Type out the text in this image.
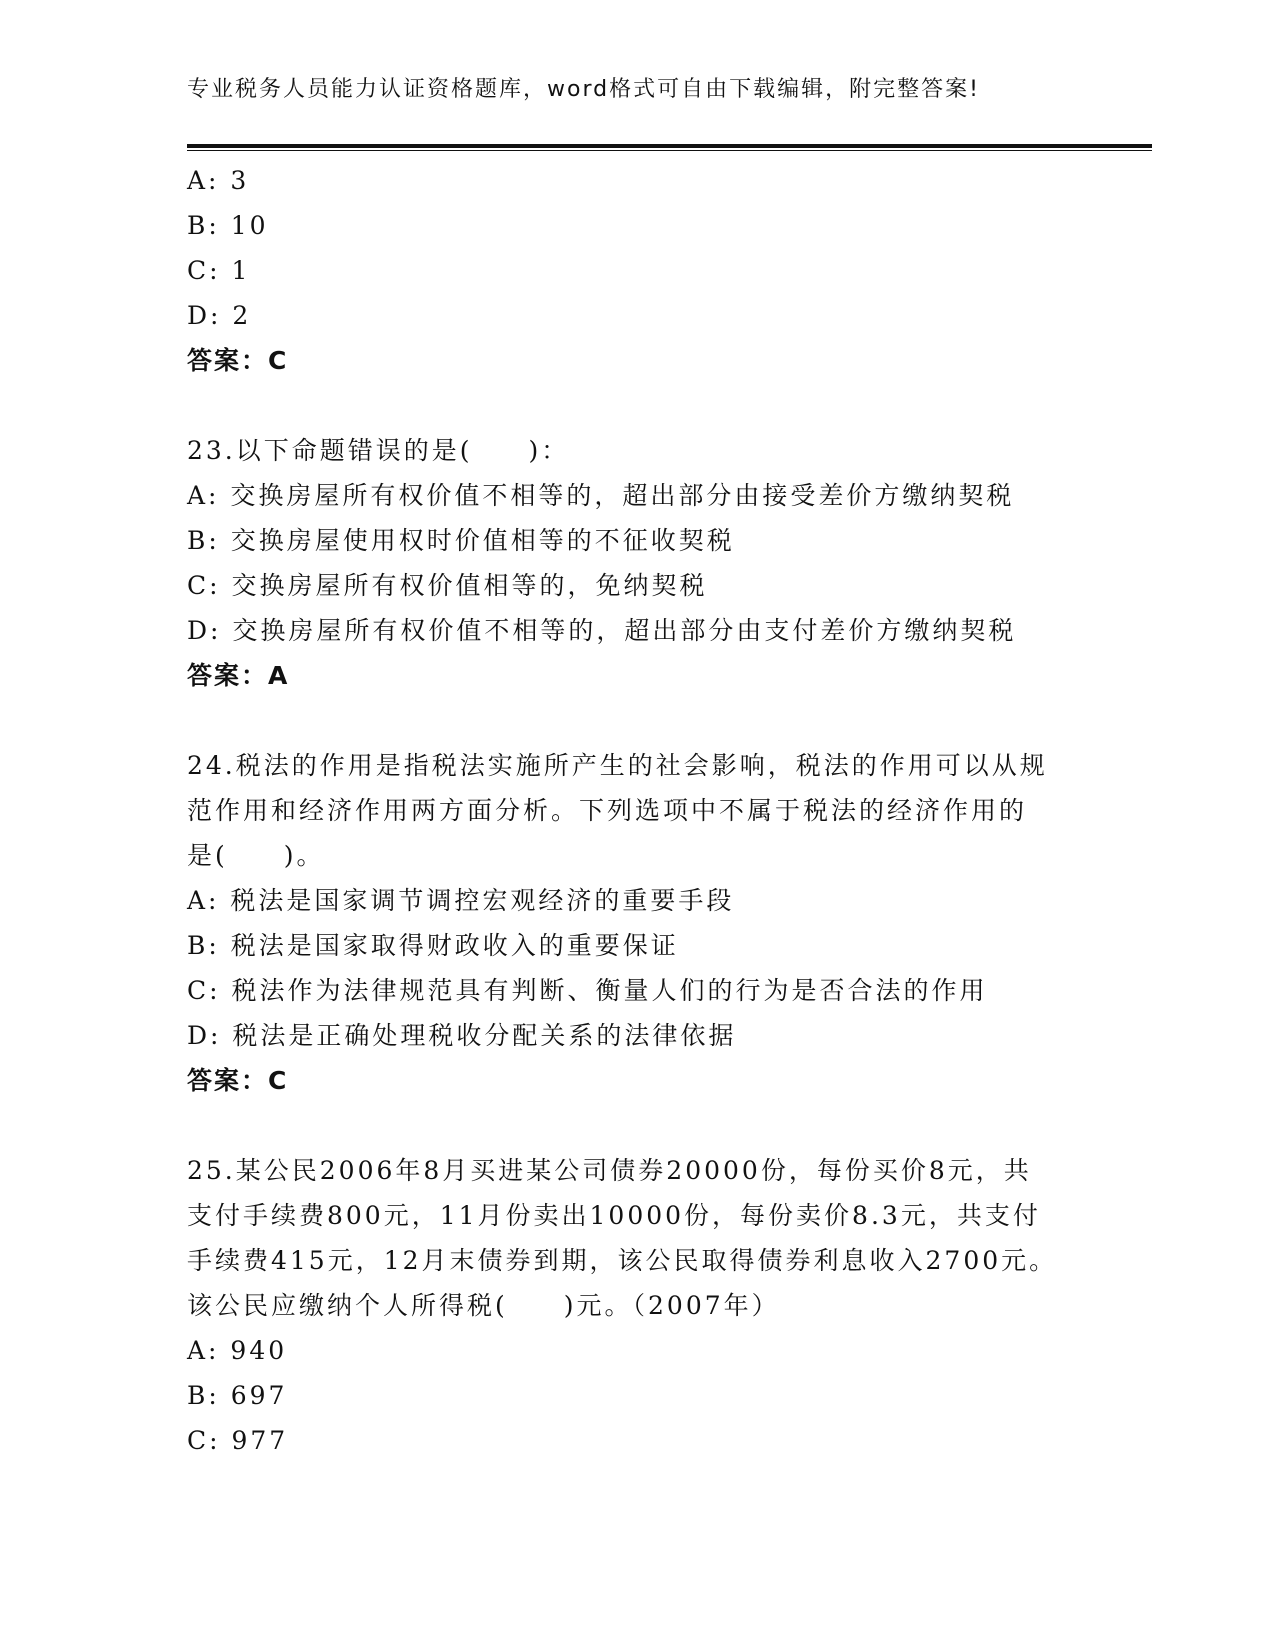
专业税务人员能力认证资格题库，word格式可自由下载编辑，附完整答案!
A: 3
B: 10
C: 1
D: 2
答案：C
23.以下命题错误的是(　　)：
A: 交换房屋所有权价值不相等的，超出部分由接受差价方缴纳契税
B: 交换房屋使用权时价值相等的不征收契税
C: 交换房屋所有权价值相等的，免纳契税
D: 交换房屋所有权价值不相等的，超出部分由支付差价方缴纳契税
答案：A
24.税法的作用是指税法实施所产生的社会影响，税法的作用可以从规
范作用和经济作用两方面分析。下列选项中不属于税法的经济作用的
是(　　)。
A: 税法是国家调节调控宏观经济的重要手段
B: 税法是国家取得财政收入的重要保证
C: 税法作为法律规范具有判断、衡量人们的行为是否合法的作用
D: 税法是正确处理税收分配关系的法律依据
答案：C
25.某公民2006年8月买进某公司债券20000份，每份买价8元，共
支付手续费800元，11月份卖出10000份，每份卖价8.3元，共支付
手续费415元，12月末债券到期，该公民取得债券利息收入2700元。
该公民应缴纳个人所得税(　　)元。（2007年）
A: 940
B: 697
C: 977
